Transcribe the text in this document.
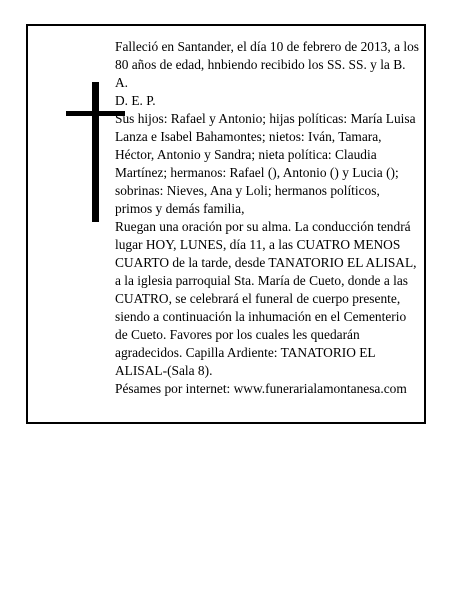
Falleció en Santander, el día 10 de febrero de 2013, a los 80 años de edad, hnbiendo recibido los SS. SS. y la B. A.

D. E. P.

Sus hijos: Rafael y Antonio; hijas políticas: María Luisa Lanza e Isabel Bahamontes; nietos: Iván, Tamara, Héctor, Antonio y Sandra; nieta política: Claudia Martínez; hermanos: Rafael (), Antonio () y Lucia (); sobrinas: Nieves, Ana y Loli; hermanos políticos, primos y demás familia,

Ruegan una oración por su alma. La conducción tendrá lugar HOY, LUNES, día 11, a las CUATRO MENOS CUARTO de la tarde, desde TANATORIO EL ALISAL, a la iglesia parroquial Sta. María de Cueto, donde a las CUATRO, se celebrará el funeral de cuerpo presente, siendo a continuación la inhumación en el Cementerio de Cueto. Favores por los cuales les quedarán agradecidos. Capilla Ardiente: TANATORIO EL ALISAL-(Sala 8).

Pésames por internet: www.funerarialamontanesa.com
